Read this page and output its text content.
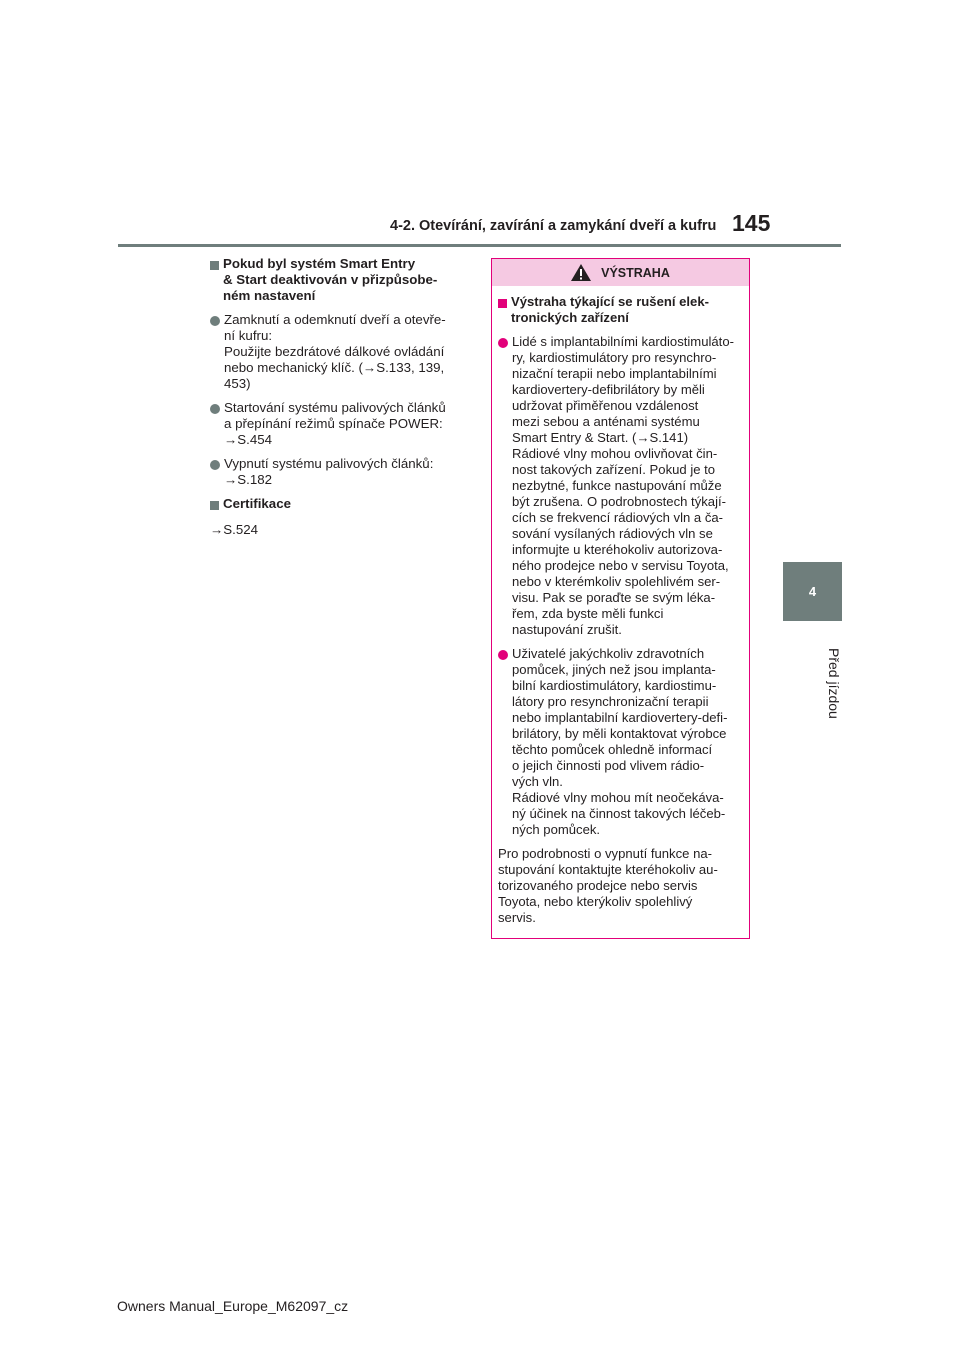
4-2. Otevírání, zavírání a zamykání dveří a kufru 145
4
Před jízdou
Pokud byl systém Smart Entry
& Start deaktivován v přizpůsobe-
ném nastavení
Zamknutí a odemknutí dveří a otevře-
ní kufru:
Použijte bezdrátové dálkové ovládání
nebo mechanický klíč. (→S.133, 139,
453)
Startování systému palivových článků
a přepínání režimů spínače POWER:
→S.454
Vypnutí systému palivových článků:
→S.182
Certifikace
→S.524
VÝSTRAHA
Výstraha týkající se rušení elek-
tronických zařízení
Lidé s implantabilními kardiostimuláto-
ry, kardiostimulátory pro resynchro-
nizační terapii nebo implantabilními
kardiovertery-defibrilátory by měli
udržovat přiměřenou vzdálenost
mezi sebou a anténami systému
Smart Entry & Start. (→S.141)
Rádiové vlny mohou ovlivňovat čin-
nost takových zařízení. Pokud je to
nezbytné, funkce nastupování může
být zrušena. O podrobnostech týkají-
cích se frekvencí rádiových vln a ča-
sování vysílaných rádiových vln se
informujte u kteréhokoliv autorizova-
ného prodejce nebo v servisu Toyota,
nebo v kterémkoliv spolehlivém ser-
visu. Pak se poraďte se svým léka-
řem, zda byste měli funkci
nastupování zrušit.
Uživatelé jakýchkoliv zdravotních
pomůcek, jiných než jsou implanta-
bilní kardiostimulátory, kardiostimu-
látory pro resynchronizační terapii
nebo implantabilní kardiovertery-defi-
brilátory, by měli kontaktovat výrobce
těchto pomůcek ohledně informací
o jejich činnosti pod vlivem rádio-
vých vln.
Rádiové vlny mohou mít neočekáva-
ný účinek na činnost takových léčeb-
ných pomůcek.
Pro podrobnosti o vypnutí funkce na-
stupování kontaktujte kteréhokoliv au-
torizovaného prodejce nebo servis
Toyota, nebo kterýkoliv spolehlivý
servis.
Owners Manual_Europe_M62097_cz
